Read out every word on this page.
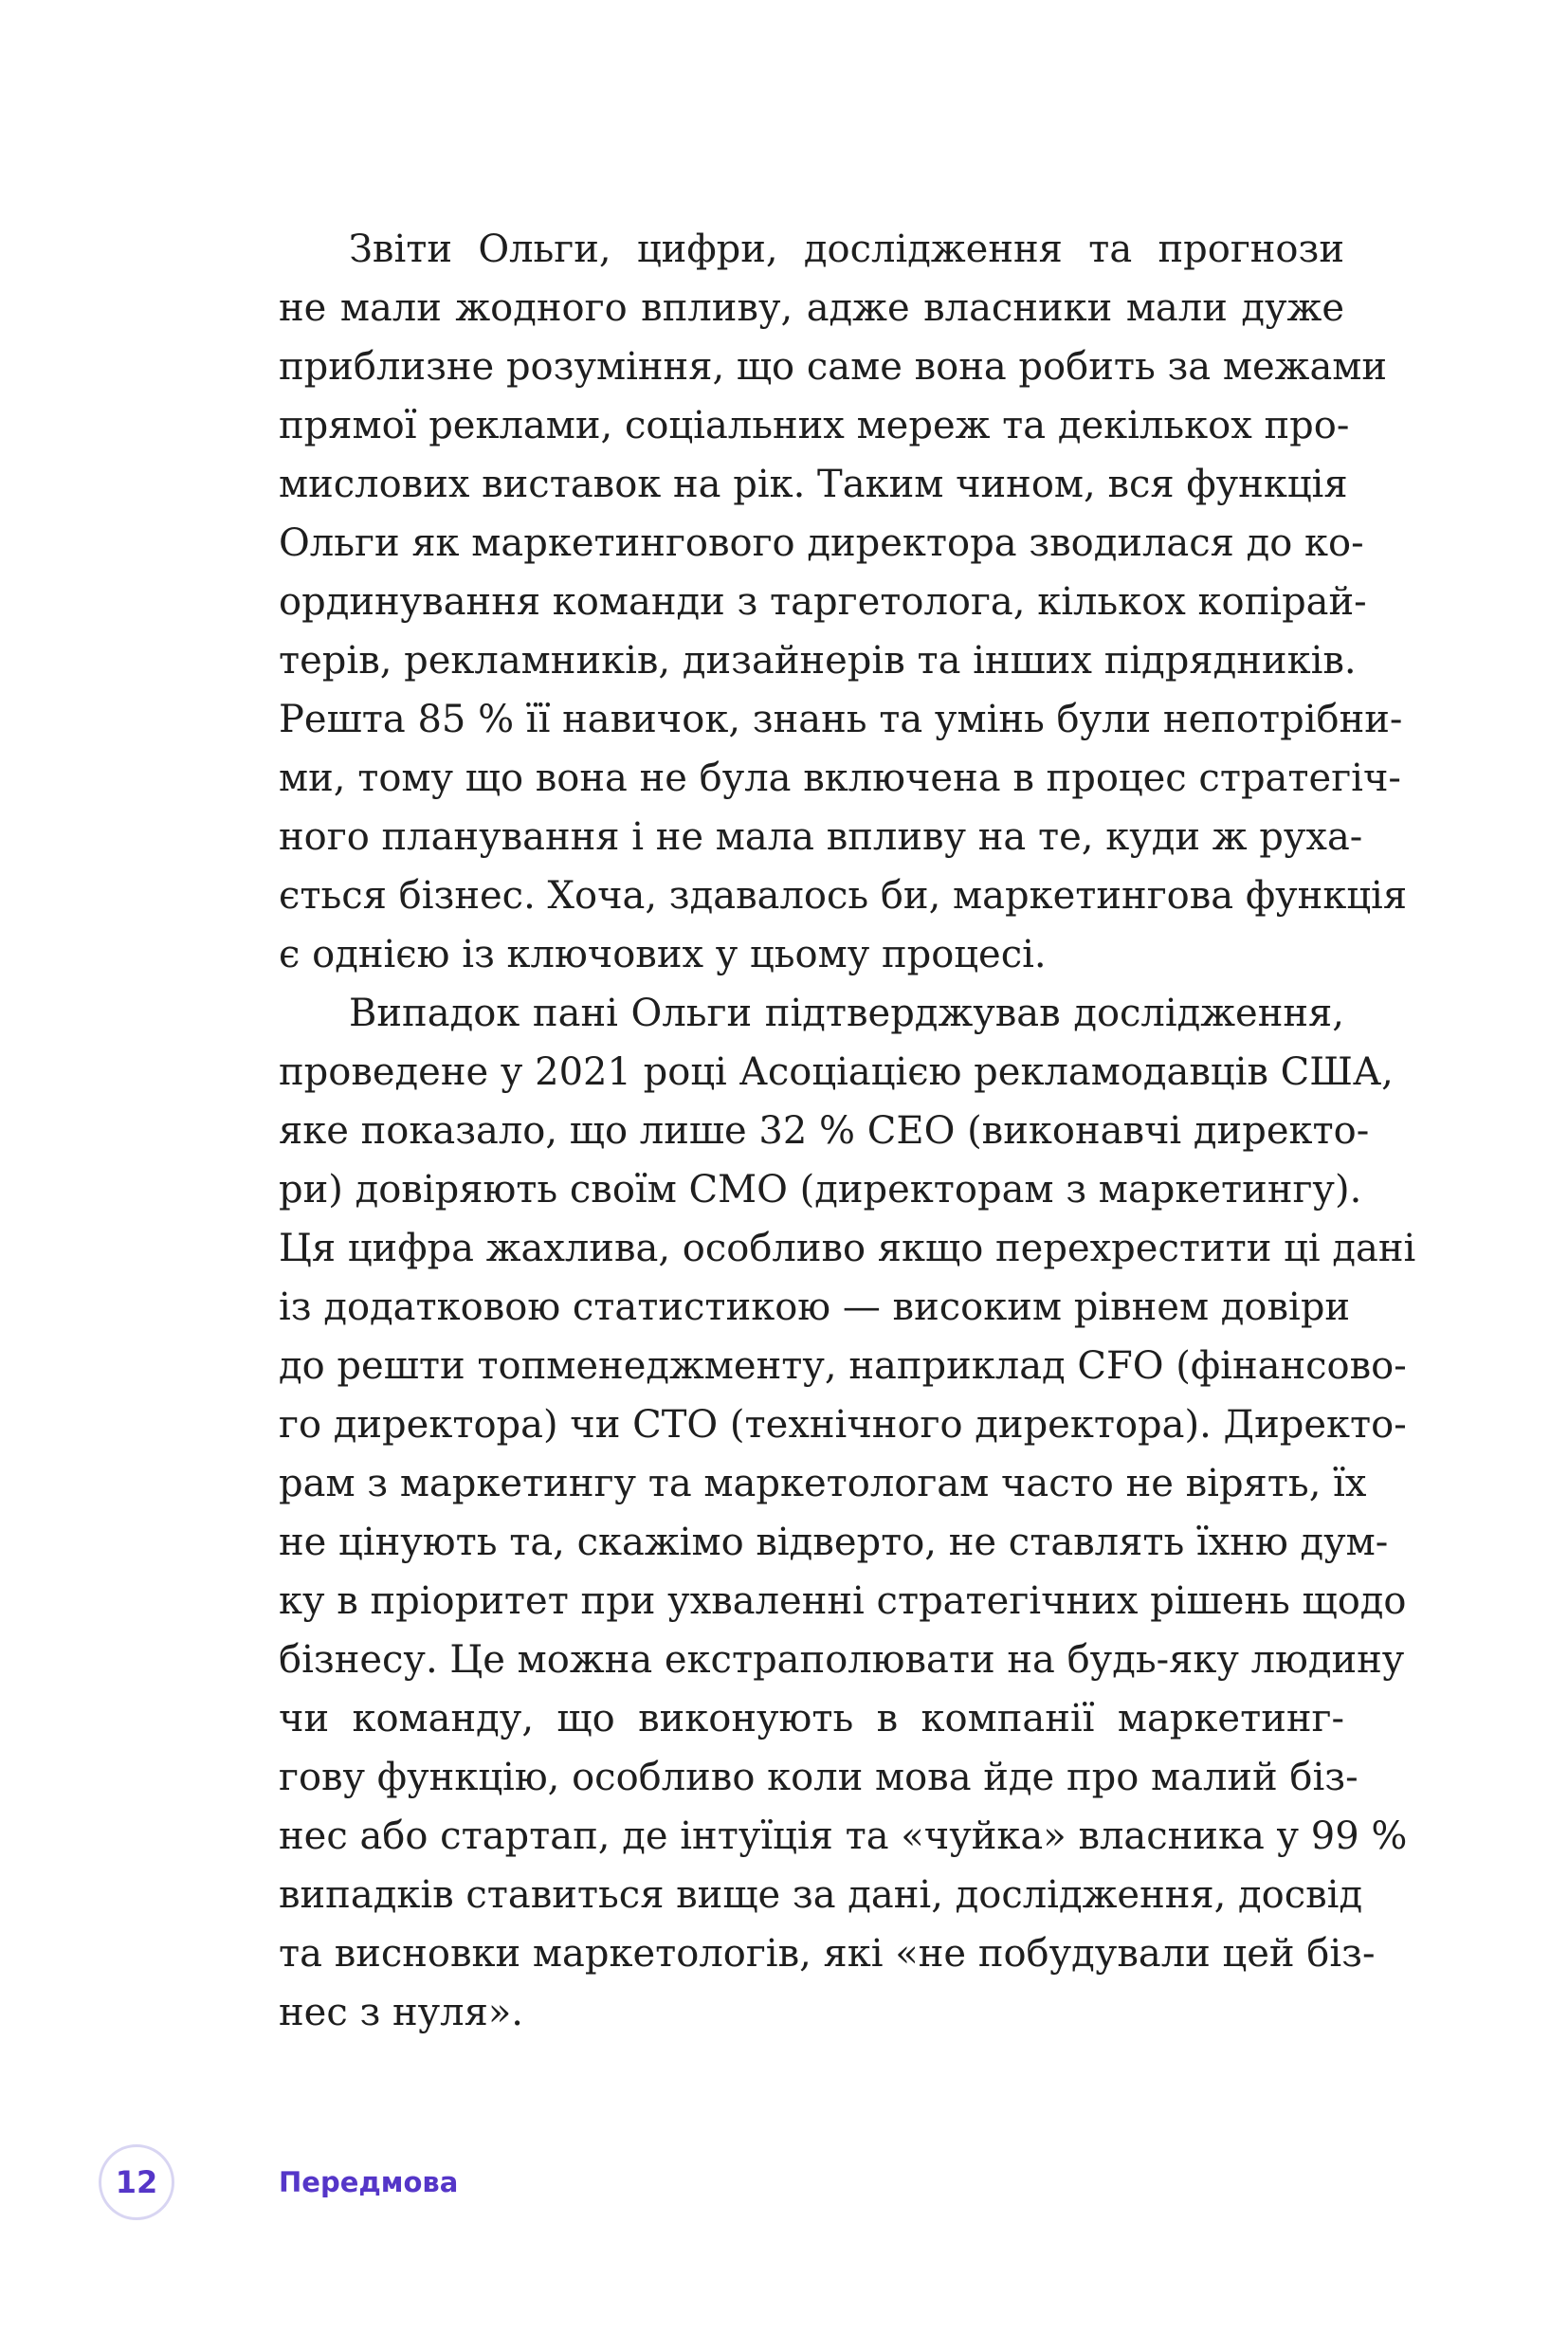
Звіти Ольги, цифри, дослідження та прогнози
не мали жодного впливу, адже власники мали дуже
приблизне розуміння, що саме вона робить за межами
прямої реклами, соціальних мереж та декількох про-
мислових виставок на рік. Таким чином, вся функція
Ольги як маркетингового директора зводилася до ко-
ординування команди з таргетолога, кількох копірай-
терів, рекламників, дизайнерів та інших підрядників.
Решта 85 % її навичок, знань та умінь були непотрібни-
ми, тому що вона не була включена в процес стратегіч-
ного планування і не мала впливу на те, куди ж руха-
ється бізнес. Хоча, здавалось би, маркетингова функція
є однією із ключових у цьому процесі.
Випадок пані Ольги підтверджував дослідження,
проведене у 2021 році Асоціацією рекламодавців США,
яке показало, що лише 32 % CEO (виконавчі директо-
ри) довіряють своїм CMO (директорам з маркетингу).
Ця цифра жахлива, особливо якщо перехрестити ці дані
із додатковою статистикою — високим рівнем довіри
до решти топменеджменту, наприклад CFO (фінансово-
го директора) чи CTO (технічного директора). Директо-
рам з маркетингу та маркетологам часто не вірять, їх
не цінують та, скажімо відверто, не ставлять їхню дум-
ку в пріоритет при ухваленні стратегічних рішень щодо
бізнесу. Це можна екстраполювати на будь-яку людину
чи команду, що виконують в компанії маркетинг-
гову функцію, особливо коли мова йде про малий біз-
нес або стартап, де інтуїція та «чуйка» власника у 99 %
випадків ставиться вище за дані, дослідження, досвід
та висновки маркетологів, які «не побудували цей біз-
нес з нуля».
12	Передмова
